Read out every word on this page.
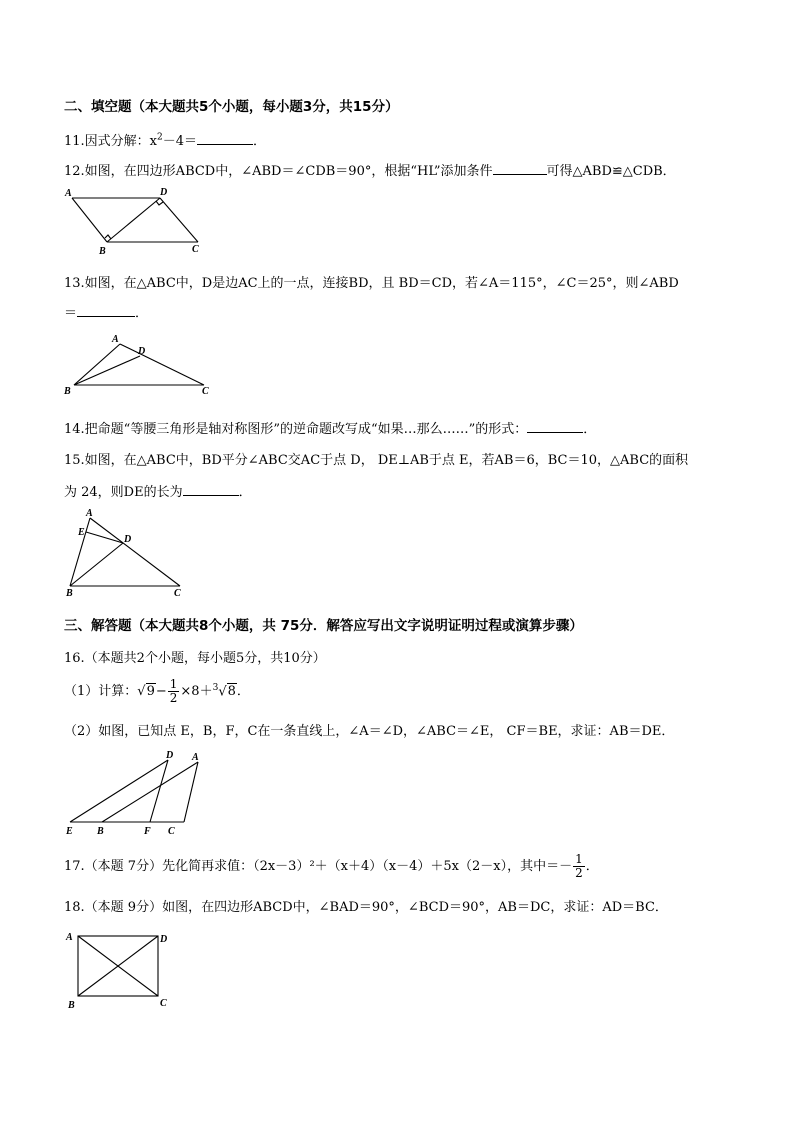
二、填空题（本大题共5个小题，每小题3分，共15分）
11.因式分解：$x^2-4=$	．
12.如图，在四边形ABCD中，∠ABD＝∠CDB＝90°，根据“HL”添加条件	可得△ABD≌△CDB．
A	D
B	C
13.如图，在△ABC中，D是边AC上的一点，连接BD，且 BD＝CD，若∠A＝115°，∠C＝25°，则∠ABD
＝	．
A
D
B	C
14.把命题“等腰三角形是轴对称图形”的逆命题改写成“如果…那么……”的形式：	．
15.如图，在△ABC中，BD平分∠ABC交AC于点 D， DE⊥AB于点 E，若AB＝6，BC＝10，△ABC的面积
为 24，则DE的长为	．
A
E
D
B	C
三、解答题（本大题共8个小题，共 75分．解答应写出文字说明证明过程或演算步骤）
16.（本题共2个小题，每小题5分，共10分）
（1）计算：$√9- \frac{1}{2} \times 8+^3√8$．
（2）如图，已知点 E，B，F，C在一条直线上，∠A＝∠D，∠ABC＝∠E， CF＝BE，求证：AB＝DE．
D A
E B	F C
17.（本题 7分）先化简再求值：（2x－3）²＋（x＋4）（x－4）＋5x（2－x），其中＝－ $\frac{1}{2}$ ．
18.（本题 9分）如图，在四边形ABCD中，∠BAD＝90°，∠BCD＝90°，AB＝DC，求证：AD＝BC．
A	D
B	C
